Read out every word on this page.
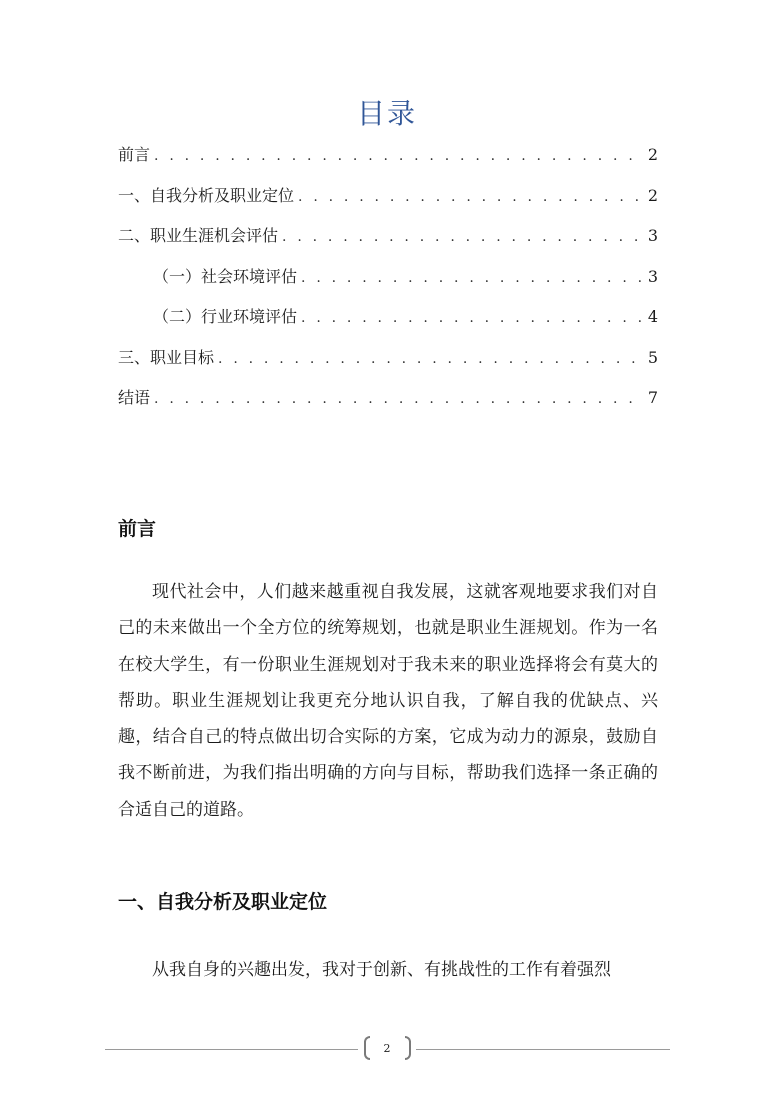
目录
前言 . . .	2
一、自我分析及职业定位 . . .	2
二、职业生涯机会评估 . . .	3
（一）社会环境评估 . . .	3
（二）行业环境评估 . . .	4
三、职业目标 . . .	5
结语 . . .	7
前言

现代社会中，人们越来越重视自我发展，这就客观地要求我们对自己的未来做出一个全方位的统筹规划，也就是职业生涯规划。作为一名在校大学生，有一份职业生涯规划对于我未来的职业选择将会有莫大的帮助。职业生涯规划让我更充分地认识自我，了解自我的优缺点、兴趣，结合自己的特点做出切合实际的方案，它成为动力的源泉，鼓励自我不断前进，为我们指出明确的方向与目标，帮助我们选择一条正确的合适自己的道路。

一、自我分析及职业定位

从我自身的兴趣出发，我对于创新、有挑战性的工作有着强烈

2
